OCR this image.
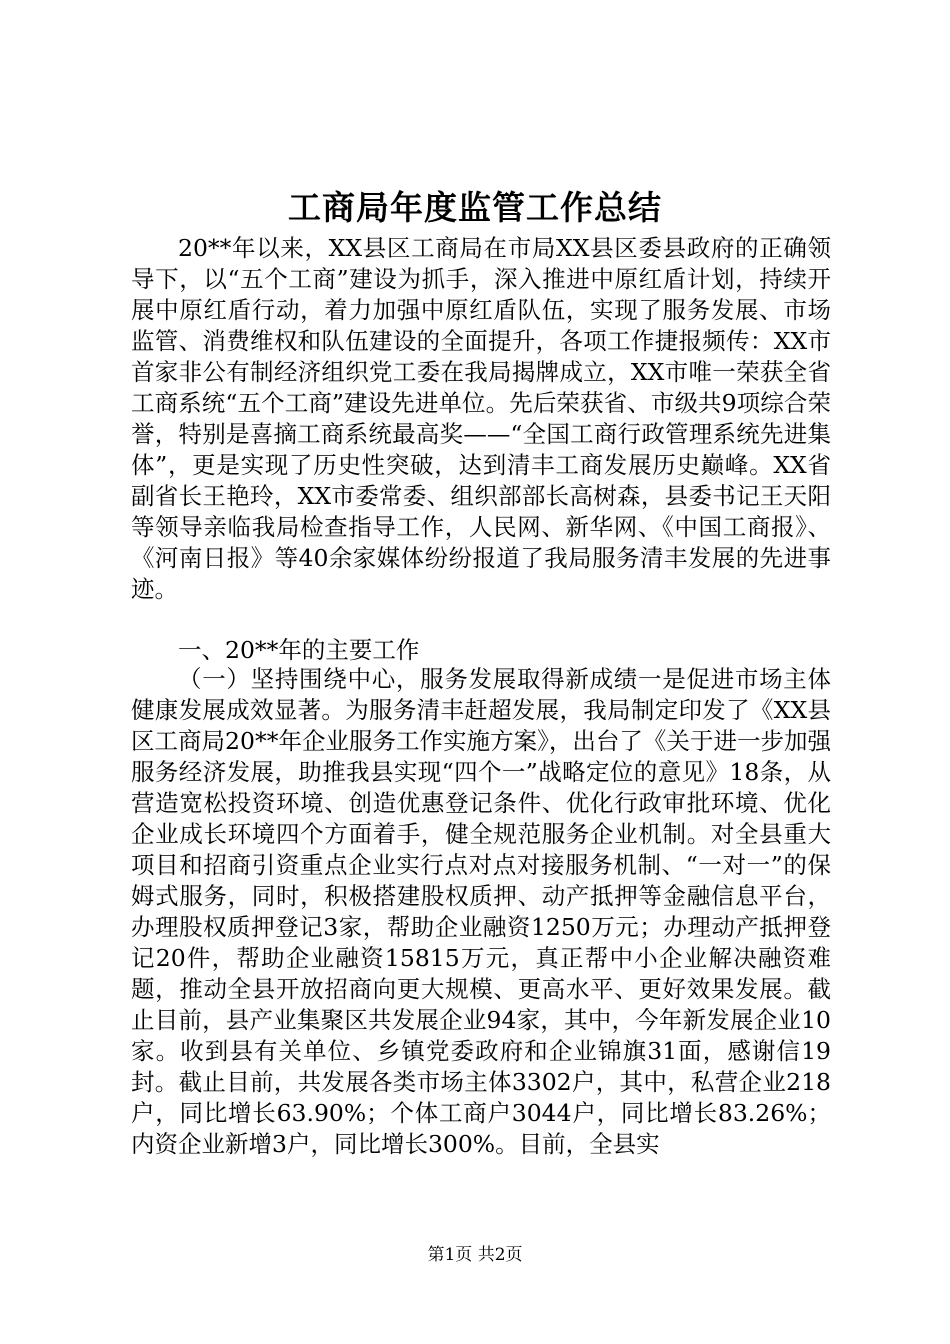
工商局年度监管工作总结

20**年以来，XX县区工商局在市局XX县区委县政府的正确领导下，以“五个工商”建设为抓手，深入推进中原红盾计划，持续开展中原红盾行动，着力加强中原红盾队伍，实现了服务发展、市场监管、消费维权和队伍建设的全面提升，各项工作捷报频传：XX市首家非公有制经济组织党工委在我局揭牌成立，XX市唯一荣获全省工商系统“五个工商”建设先进单位。先后荣获省、市级共9项综合荣誉，特别是喜摘工商系统最高奖——“全国工商行政管理系统先进集体”，更是实现了历史性突破，达到清丰工商发展历史巅峰。XX省副省长王艳玲，XX市委常委、组织部部长高树森，县委书记王天阳等领导亲临我局检查指导工作，人民网、新华网、《中国工商报》、《河南日报》等40余家媒体纷纷报道了我局服务清丰发展的先进事迹。

一、20**年的主要工作

（一）坚持围绕中心，服务发展取得新成绩一是促进市场主体健康发展成效显著。为服务清丰赶超发展，我局制定印发了《XX县区工商局20**年企业服务工作实施方案》，出台了《关于进一步加强服务经济发展，助推我县实现“四个一”战略定位的意见》18条，从营造宽松投资环境、创造优惠登记条件、优化行政审批环境、优化企业成长环境四个方面着手，健全规范服务企业机制。对全县重大项目和招商引资重点企业实行点对点对接服务机制、“一对一”的保姆式服务，同时，积极搭建股权质押、动产抵押等金融信息平台，办理股权质押登记3家，帮助企业融资1250万元；办理动产抵押登记20件，帮助企业融资15815万元，真正帮中小企业解决融资难题，推动全县开放招商向更大规模、更高水平、更好效果发展。截止目前，县产业集聚区共发展企业94家，其中，今年新发展企业10家。收到县有关单位、乡镇党委政府和企业锦旗31面，感谢信19封。截止目前，共发展各类市场主体3302户，其中，私营企业218户，同比增长63.90%；个体工商户3044户，同比增长83.26%；内资企业新增3户，同比增长300%。目前，全县实

第1页 共2页
